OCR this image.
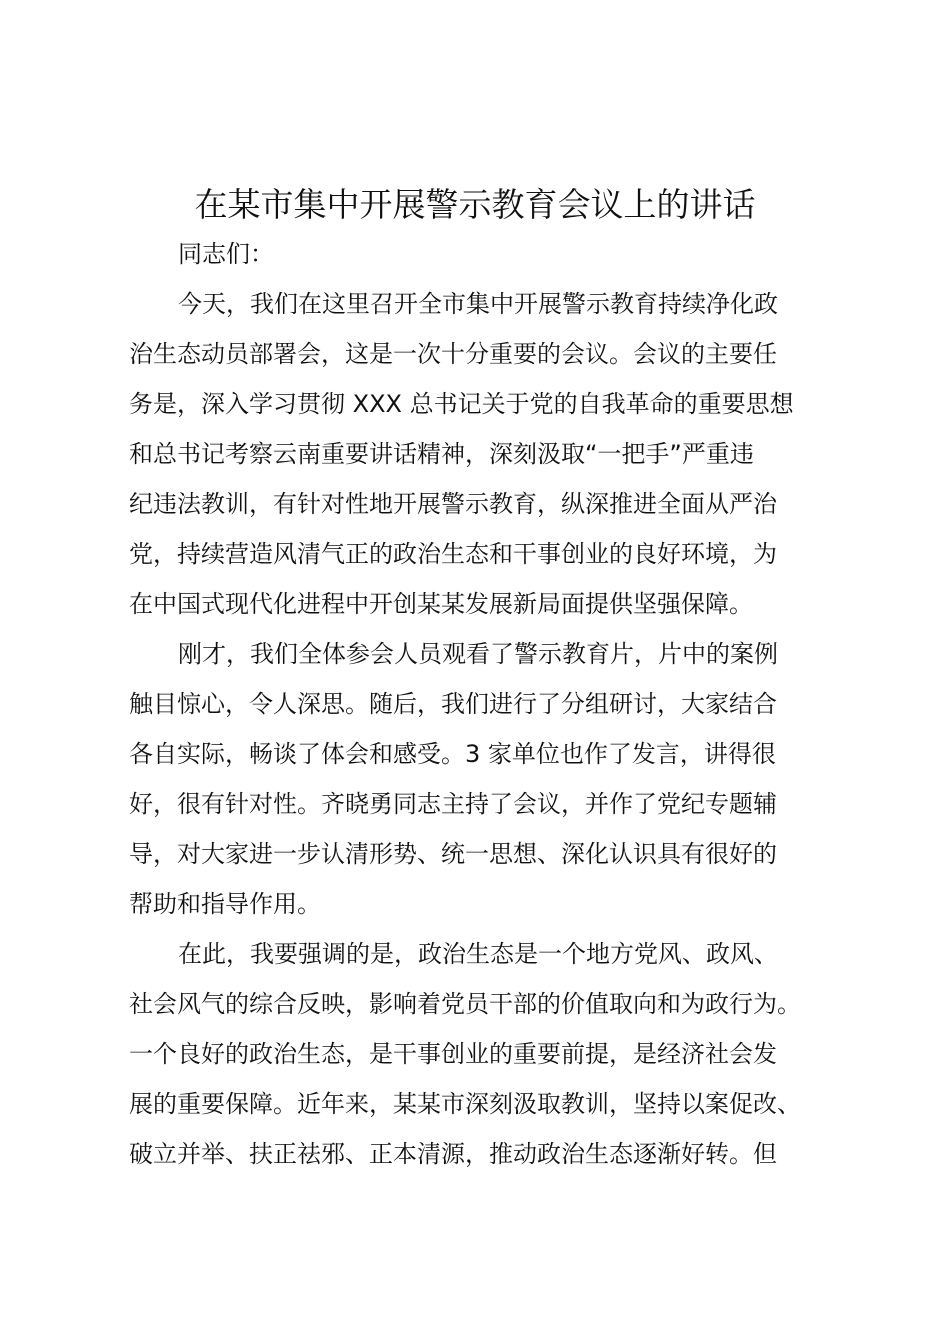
在某市集中开展警示教育会议上的讲话
同志们：
今天，我们在这里召开全市集中开展警示教育持续净化政
治生态动员部署会，这是一次十分重要的会议。会议的主要任
务是，深入学习贯彻 XXX 总书记关于党的自我革命的重要思想
和总书记考察云南重要讲话精神，深刻汲取“一把手”严重违
纪违法教训，有针对性地开展警示教育，纵深推进全面从严治
党，持续营造风清气正的政治生态和干事创业的良好环境，为
在中国式现代化进程中开创某某发展新局面提供坚强保障。
刚才，我们全体参会人员观看了警示教育片，片中的案例
触目惊心，令人深思。随后，我们进行了分组研讨，大家结合
各自实际，畅谈了体会和感受。3 家单位也作了发言，讲得很
好，很有针对性。齐晓勇同志主持了会议，并作了党纪专题辅
导，对大家进一步认清形势、统一思想、深化认识具有很好的
帮助和指导作用。
在此，我要强调的是，政治生态是一个地方党风、政风、
社会风气的综合反映，影响着党员干部的价值取向和为政行为。
一个良好的政治生态，是干事创业的重要前提，是经济社会发
展的重要保障。近年来，某某市深刻汲取教训，坚持以案促改、
破立并举、扶正祛邪、正本清源，推动政治生态逐渐好转。但
